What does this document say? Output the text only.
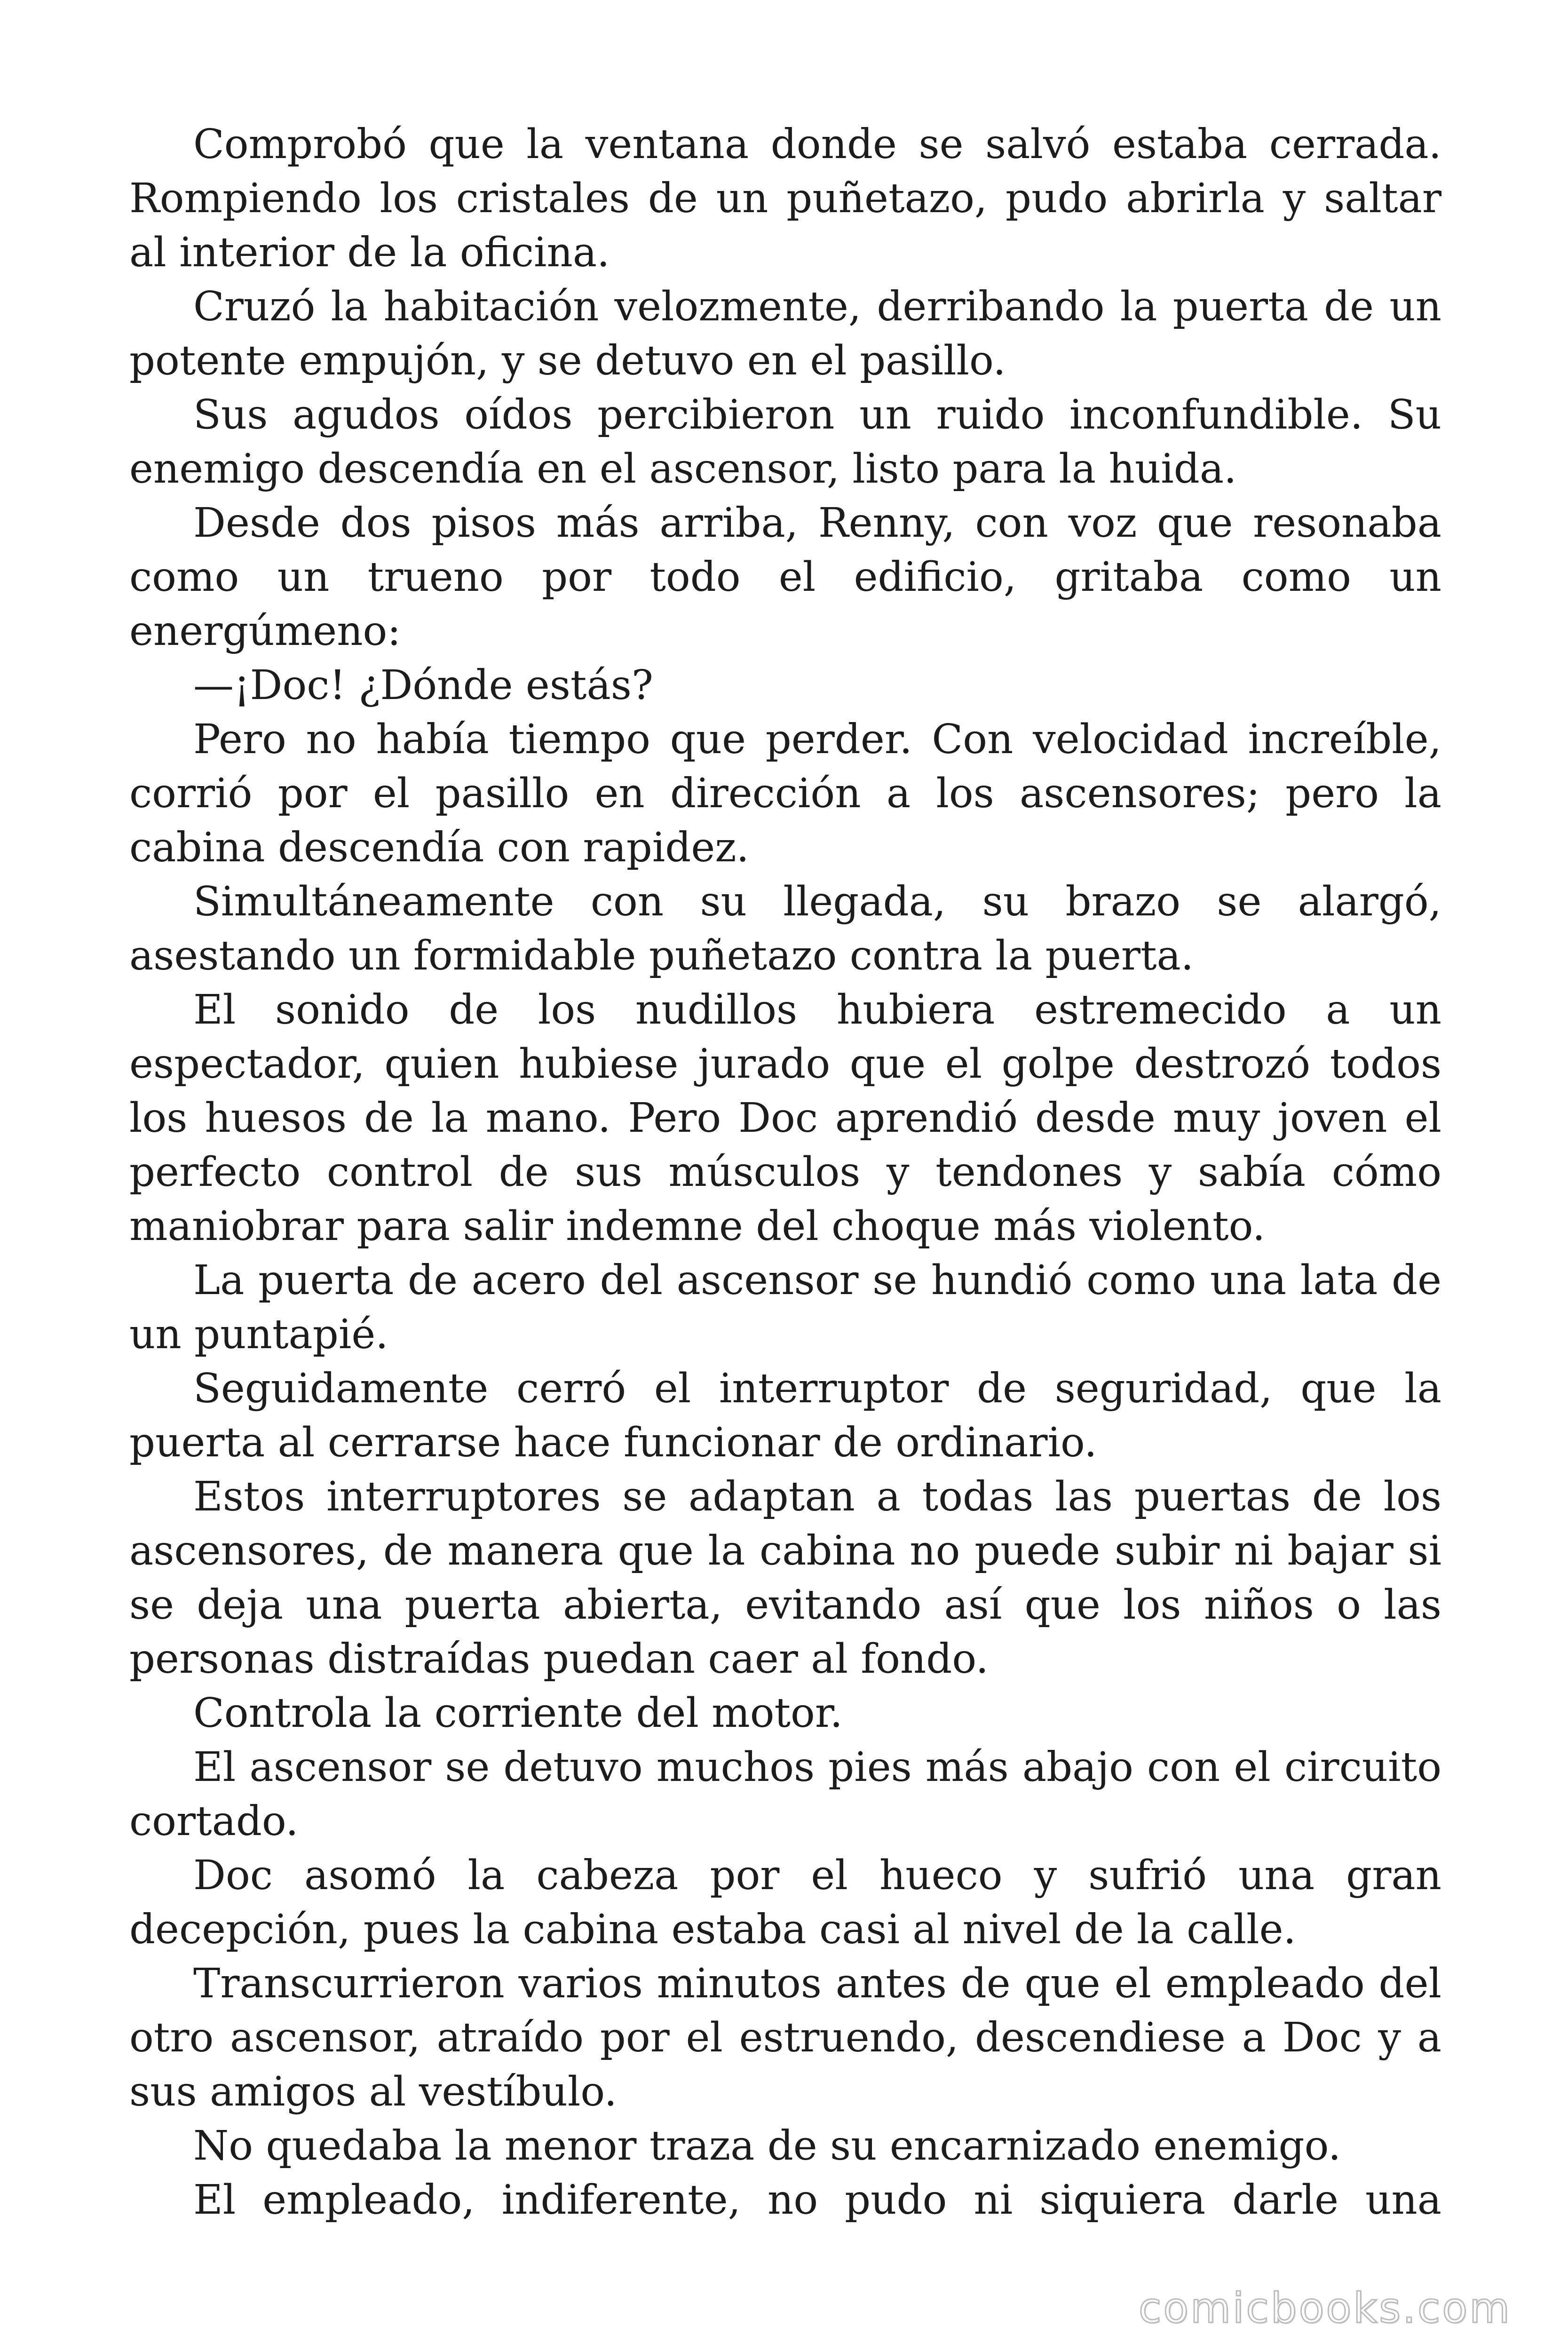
Comprobó que la ventana donde se salvó estaba cerrada. Rompiendo los cristales de un puñetazo, pudo abrirla y saltar al interior de la oficina.

Cruzó la habitación velozmente, derribando la puerta de un potente empujón, y se detuvo en el pasillo.

Sus agudos oídos percibieron un ruido inconfundible. Su enemigo descendía en el ascensor, listo para la huida.

Desde dos pisos más arriba, Renny, con voz que resonaba como un trueno por todo el edificio, gritaba como un energúmeno:

—¡Doc! ¿Dónde estás?

Pero no había tiempo que perder. Con velocidad increíble, corrió por el pasillo en dirección a los ascensores; pero la cabina descendía con rapidez.

Simultáneamente con su llegada, su brazo se alargó, asestando un formidable puñetazo contra la puerta.

El sonido de los nudillos hubiera estremecido a un espectador, quien hubiese jurado que el golpe destrozó todos los huesos de la mano. Pero Doc aprendió desde muy joven el perfecto control de sus músculos y tendones y sabía cómo maniobrar para salir indemne del choque más violento.

La puerta de acero del ascensor se hundió como una lata de un puntapié.

Seguidamente cerró el interruptor de seguridad, que la puerta al cerrarse hace funcionar de ordinario.

Estos interruptores se adaptan a todas las puertas de los ascensores, de manera que la cabina no puede subir ni bajar si se deja una puerta abierta, evitando así que los niños o las personas distraídas puedan caer al fondo.

Controla la corriente del motor.

El ascensor se detuvo muchos pies más abajo con el circuito cortado.

Doc asomó la cabeza por el hueco y sufrió una gran decepción, pues la cabina estaba casi al nivel de la calle.

Transcurrieron varios minutos antes de que el empleado del otro ascensor, atraído por el estruendo, descendiese a Doc y a sus amigos al vestíbulo.

No quedaba la menor traza de su encarnizado enemigo.

El empleado, indiferente, no pudo ni siquiera darle una

comicbooks.com
